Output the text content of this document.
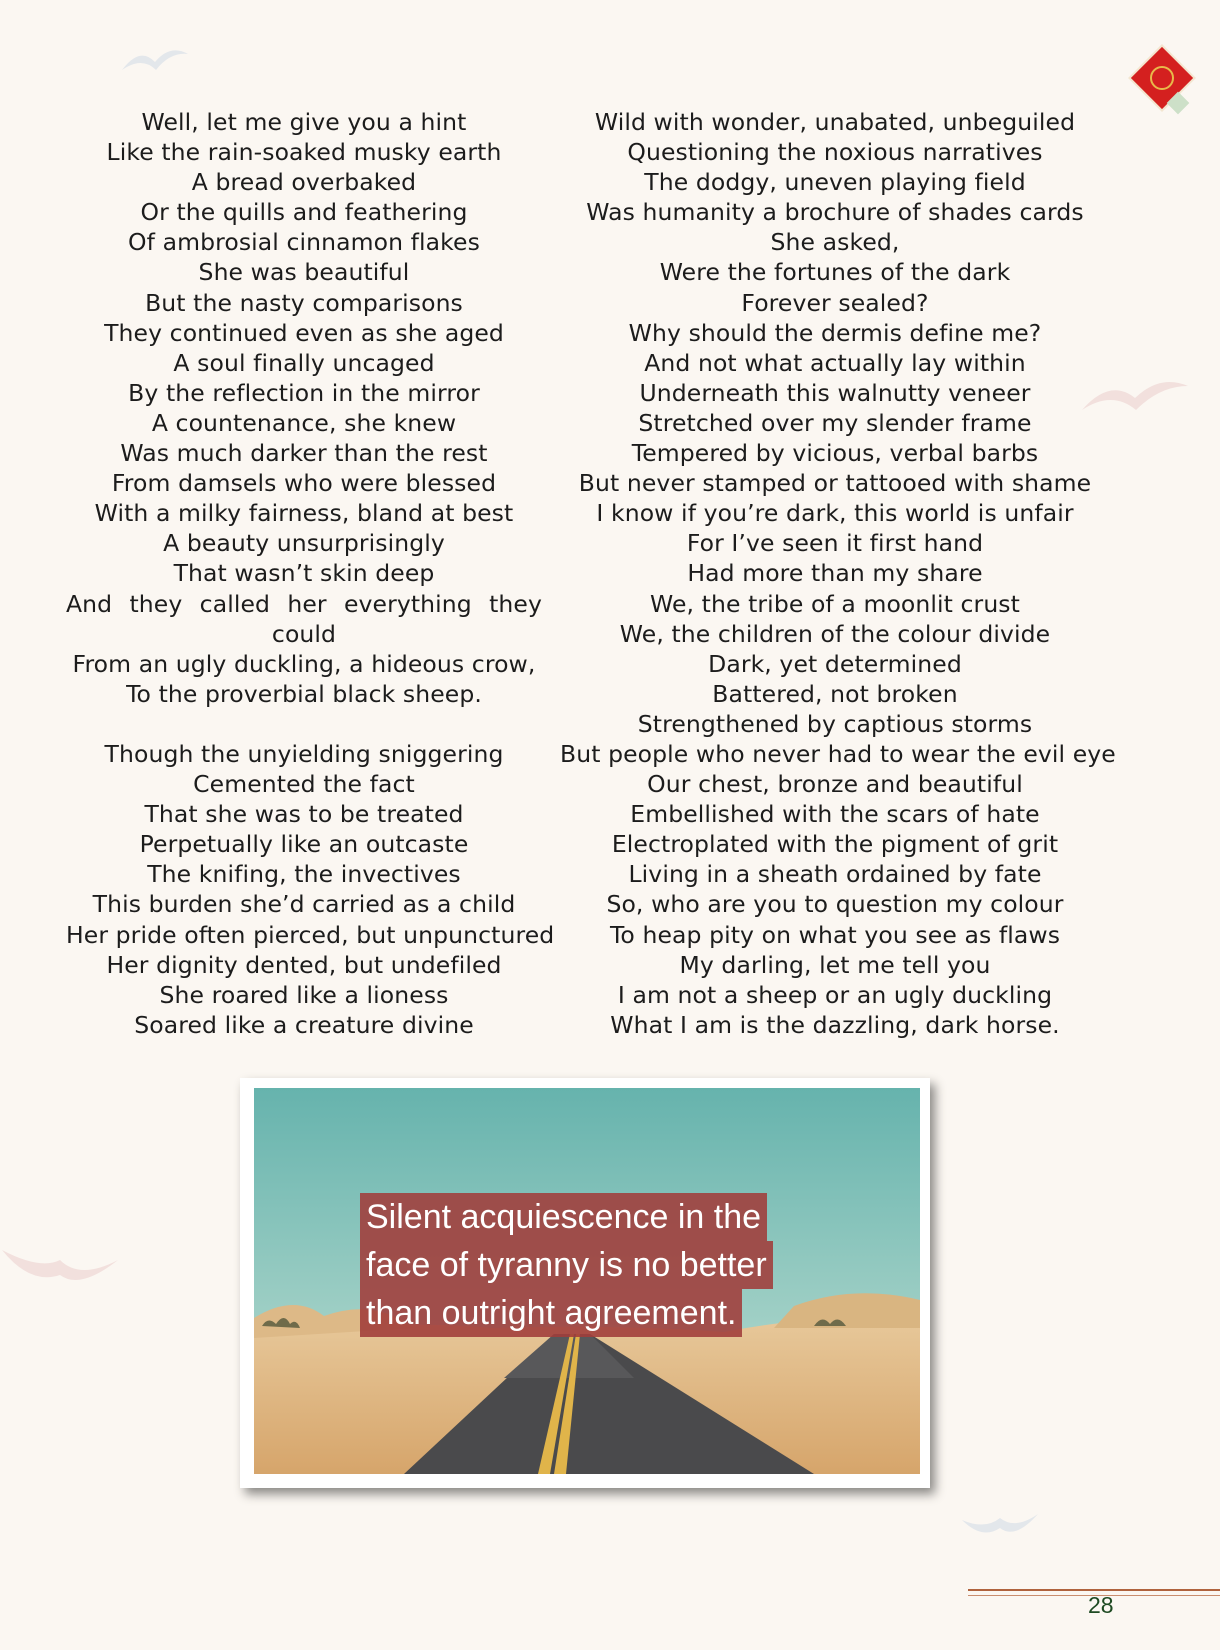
Well, let me give you a hint
Like the rain-soaked musky earth
A bread overbaked
Or the quills and feathering
Of ambrosial cinnamon flakes
She was beautiful
But the nasty comparisons
They continued even as she aged
A soul finally uncaged
By the reflection in the mirror
A countenance, she knew
Was much darker than the rest
From damsels who were blessed
With a milky fairness, bland at best
A beauty unsurprisingly
That wasn’t skin deep
And they called her everything they
could
From an ugly duckling, a hideous crow,
To the proverbial black sheep.
Though the unyielding sniggering
Cemented the fact
That she was to be treated
Perpetually like an outcaste
The knifing, the invectives
This burden she’d carried as a child
Her pride often pierced, but unpunctured
Her dignity dented, but undefiled
She roared like a lioness
Soared like a creature divine
Wild with wonder, unabated, unbeguiled
Questioning the noxious narratives
The dodgy, uneven playing field
Was humanity a brochure of shades cards
She asked,
Were the fortunes of the dark
Forever sealed?
Why should the dermis define me?
And not what actually lay within
Underneath this walnutty veneer
Stretched over my slender frame
Tempered by vicious, verbal barbs
But never stamped or tattooed with shame
I know if you’re dark, this world is unfair
For I’ve seen it first hand
Had more than my share
We, the tribe of a moonlit crust
We, the children of the colour divide
Dark, yet determined
Battered, not broken
Strengthened by captious storms
But people who never had to wear the evil eye
Our chest, bronze and beautiful
Embellished with the scars of hate
Electroplated with the pigment of grit
Living in a sheath ordained by fate
So, who are you to question my colour
To heap pity on what you see as flaws
My darling, let me tell you
I am not a sheep or an ugly duckling
What I am is the dazzling, dark horse.
Silent acquiescence in the
face of tyranny is no better
than outright agreement.
28
